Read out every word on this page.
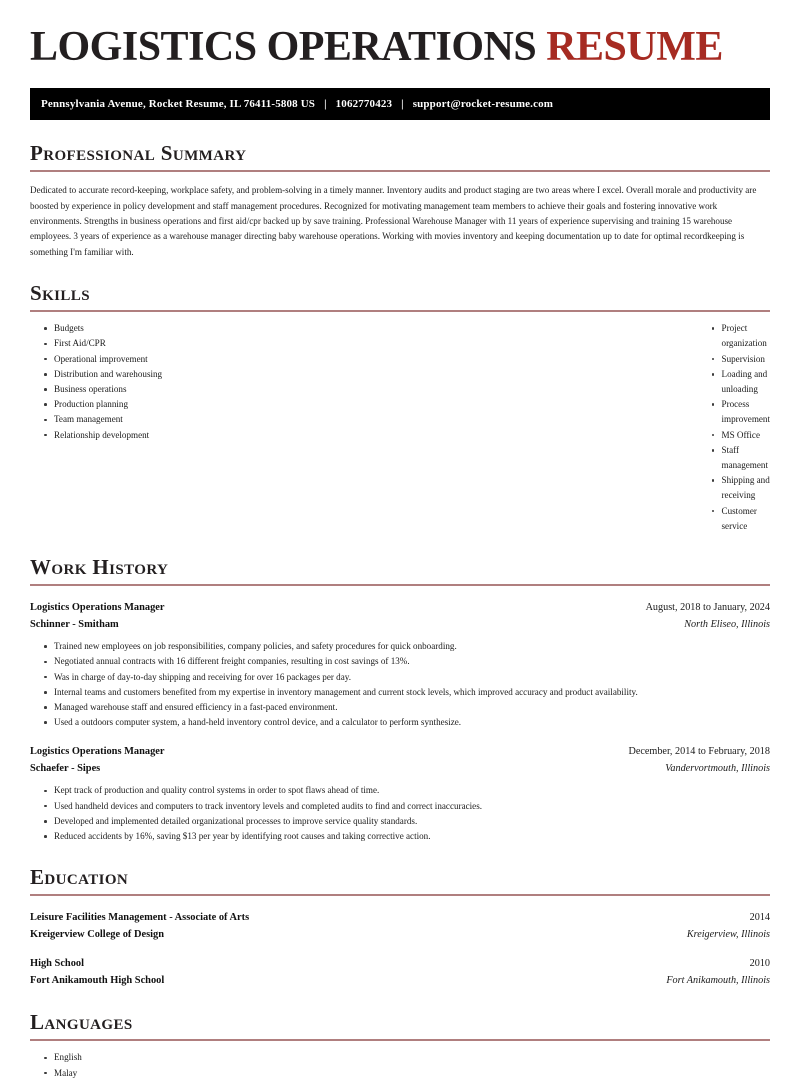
LOGISTICS OPERATIONS RESUME
Pennsylvania Avenue, Rocket Resume, IL 76411-5808 US | 1062770423 | support@rocket-resume.com
Professional Summary

Dedicated to accurate record-keeping, workplace safety, and problem-solving in a timely manner. Inventory audits and product staging are two areas where I excel. Overall morale and productivity are boosted by experience in policy development and staff management procedures. Recognized for motivating management team members to achieve their goals and fostering innovative work environments. Strengths in business operations and first aid/cpr backed up by save training. Professional Warehouse Manager with 11 years of experience supervising and training 15 warehouse employees. 3 years of experience as a warehouse manager directing baby warehouse operations. Working with movies inventory and keeping documentation up to date for optimal recordkeeping is something I'm familiar with.

Skills
Budgets
First Aid/CPR
Operational improvement
Distribution and warehousing
Business operations
Production planning
Team management
Relationship development
Project organization
Supervision
Loading and unloading
Process improvement
MS Office
Staff management
Shipping and receiving
Customer service
Work History
Logistics Operations Manager	August, 2018 to January, 2024
Schinner - Smitham	North Eliseo, Illinois
Trained new employees on job responsibilities, company policies, and safety procedures for quick onboarding.
Negotiated annual contracts with 16 different freight companies, resulting in cost savings of 13%.
Was in charge of day-to-day shipping and receiving for over 16 packages per day.
Internal teams and customers benefited from my expertise in inventory management and current stock levels, which improved accuracy and product availability.
Managed warehouse staff and ensured efficiency in a fast-paced environment.
Used a outdoors computer system, a hand-held inventory control device, and a calculator to perform synthesize.
Logistics Operations Manager	December, 2014 to February, 2018
Schaefer - Sipes	Vandervortmouth, Illinois
Kept track of production and quality control systems in order to spot flaws ahead of time.
Used handheld devices and computers to track inventory levels and completed audits to find and correct inaccuracies.
Developed and implemented detailed organizational processes to improve service quality standards.
Reduced accidents by 16%, saving $13 per year by identifying root causes and taking corrective action.
Education
Leisure Facilities Management - Associate of Arts	2014
Kreigerview College of Design	Kreigerview, Illinois
High School	2010
Fort Anikamouth High School	Fort Anikamouth, Illinois
Languages
English
Malay
